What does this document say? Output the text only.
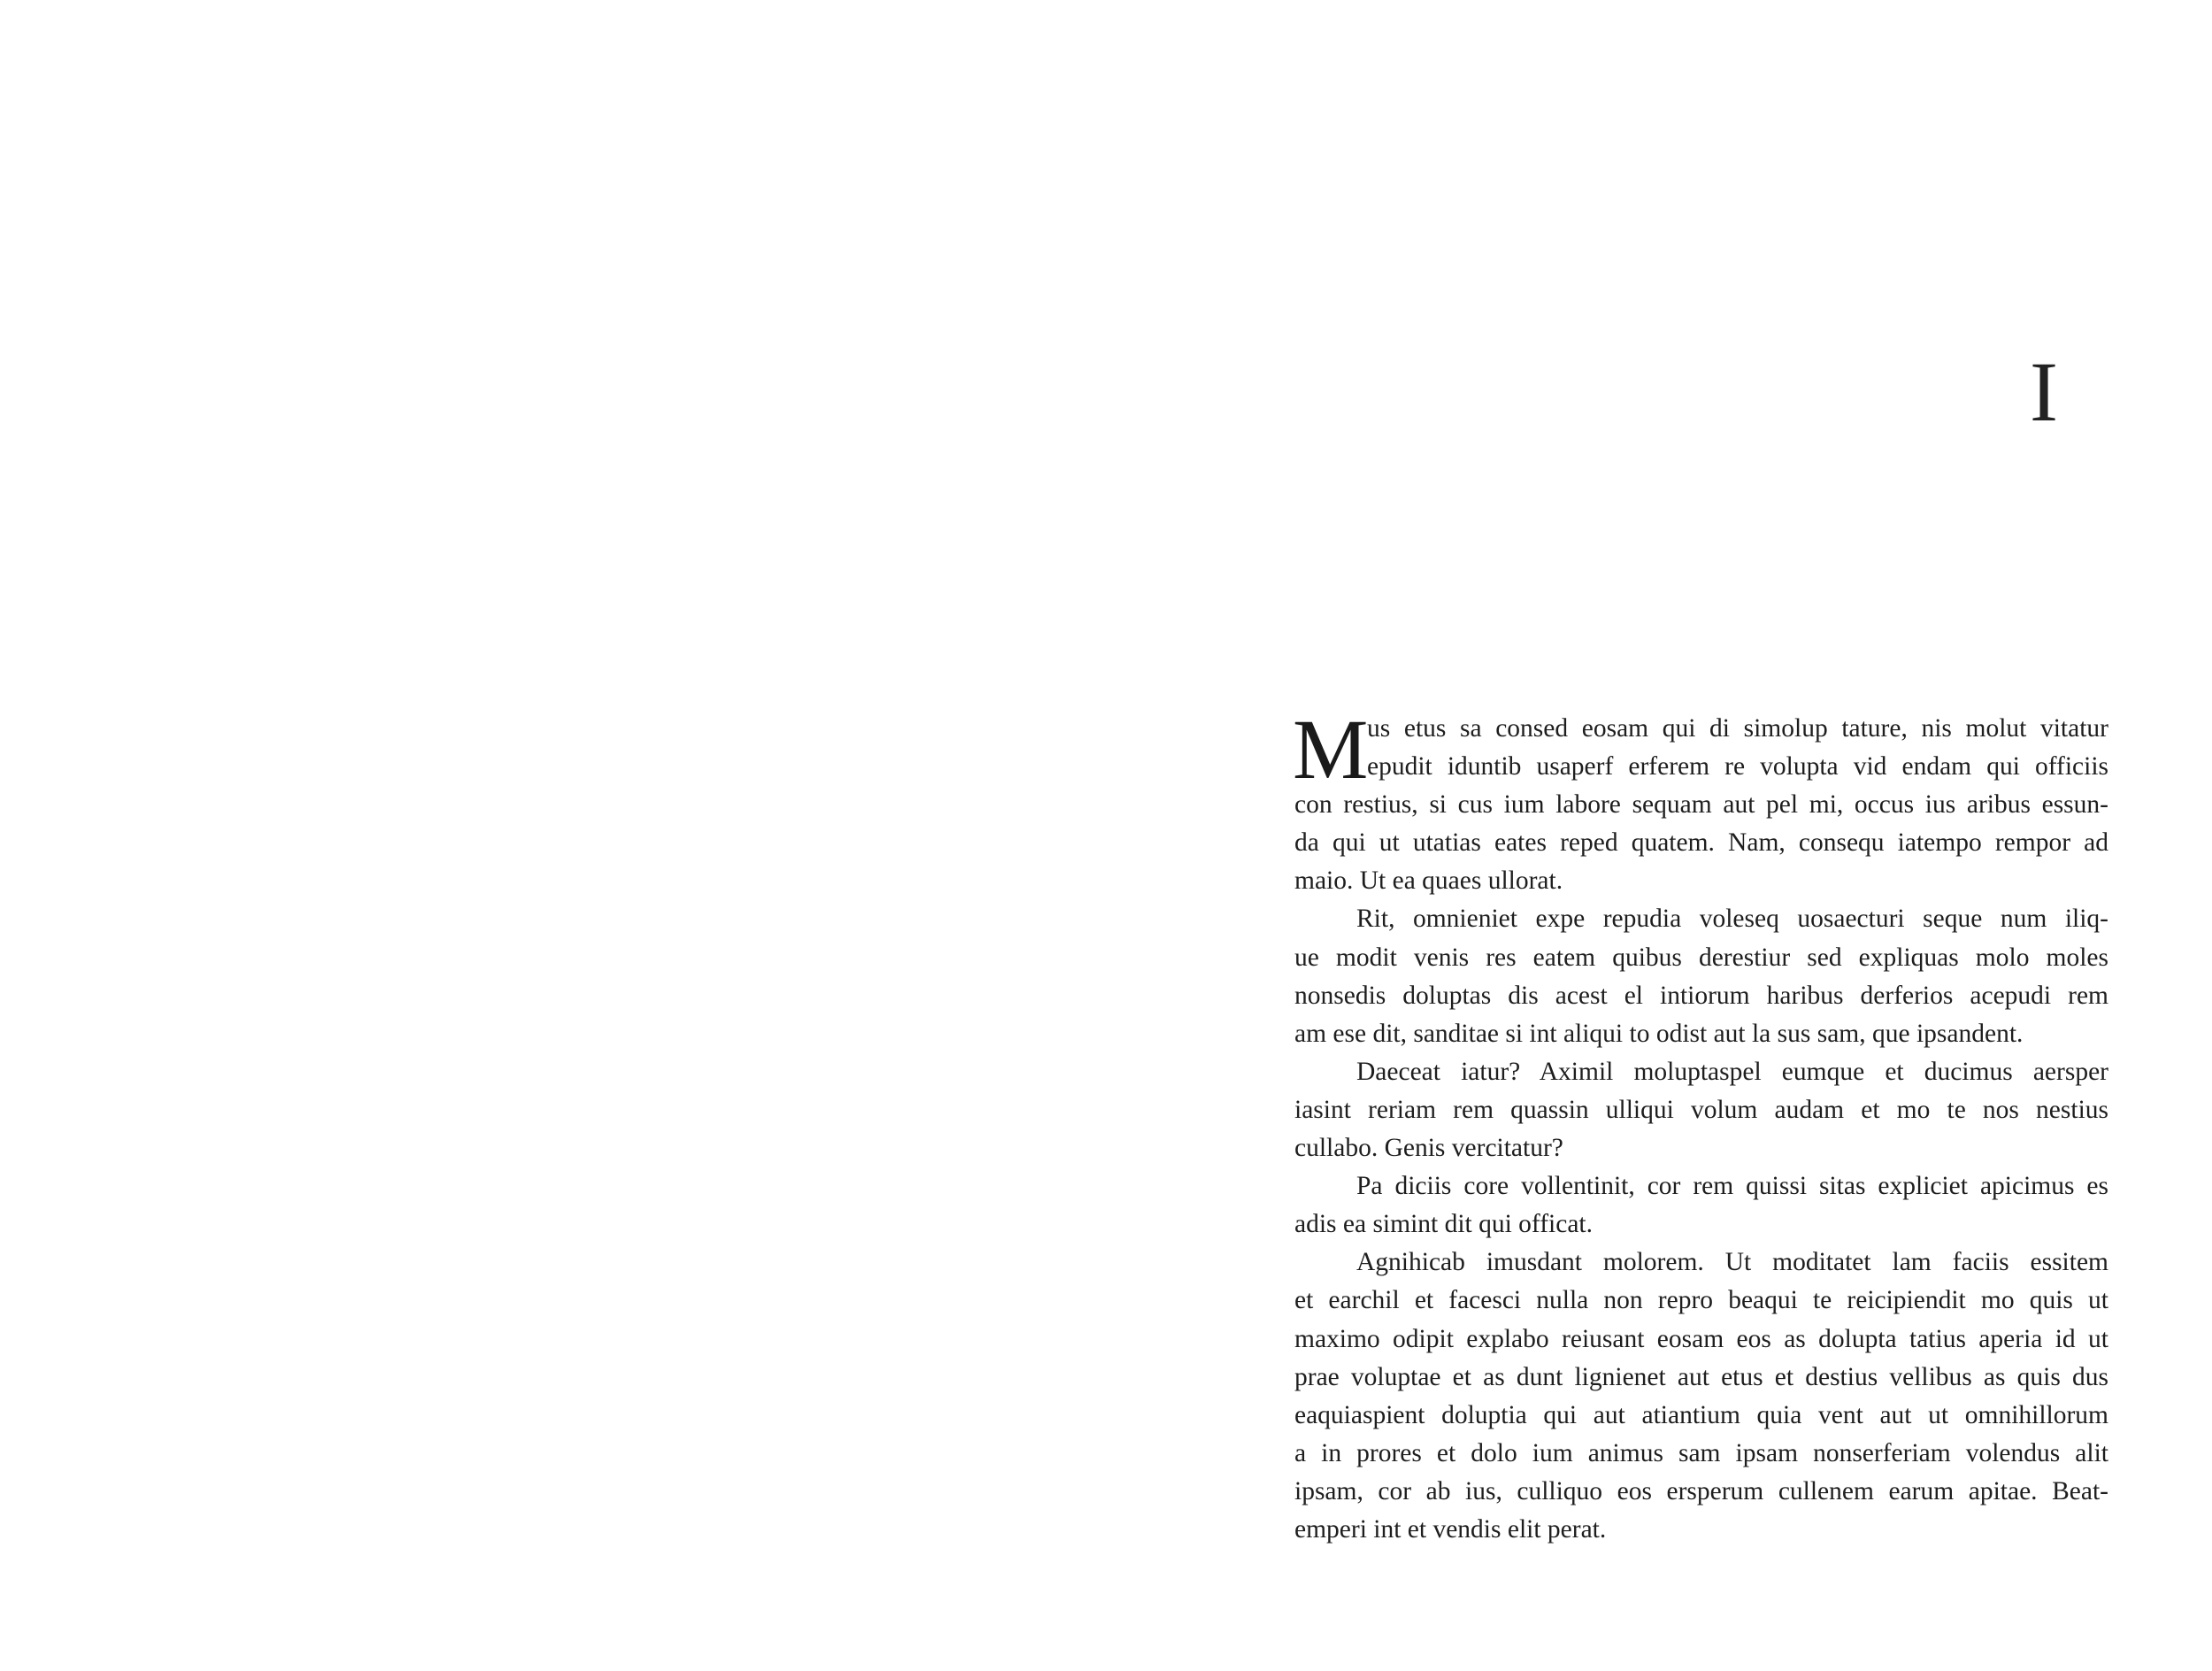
I
M
us etus sa consed eosam qui di simolup tature, nis molut vitatur
epudit iduntib usaperf erferem re volupta vid endam qui officiis
con restius, si cus ium labore sequam aut pel mi, occus ius aribus essun-
da qui ut utatias eates reped quatem. Nam, consequ iatempo rempor ad
maio. Ut ea quaes ullorat.
Rit, omnieniet expe repudia voleseq uosaecturi seque num iliq-
ue modit venis res eatem quibus derestiur sed expliquas molo moles
nonsedis doluptas dis acest el intiorum haribus derferios acepudi rem
am ese dit, sanditae si int aliqui to odist aut la sus sam, que ipsandent.
Daeceat iatur? Aximil moluptaspel eumque et ducimus aersper
iasint reriam rem quassin ulliqui volum audam et mo te nos nestius
cullabo. Genis vercitatur?
Pa diciis core vollentinit, cor rem quissi sitas expliciet apicimus es
adis ea simint dit qui officat.
Agnihicab imusdant molorem. Ut moditatet lam faciis essitem
et earchil et facesci nulla non repro beaqui te reicipiendit mo quis ut
maximo odipit explabo reiusant eosam eos as dolupta tatius aperia id ut
prae voluptae et as dunt lignienet aut etus et destius vellibus as quis dus
eaquiaspient doluptia qui aut atiantium quia vent aut ut omnihillorum
a in prores et dolo ium animus sam ipsam nonserferiam volendus alit
ipsam, cor ab ius, culliquo eos ersperum cullenem earum apitae. Beat-
emperi int et vendis elit perat.
